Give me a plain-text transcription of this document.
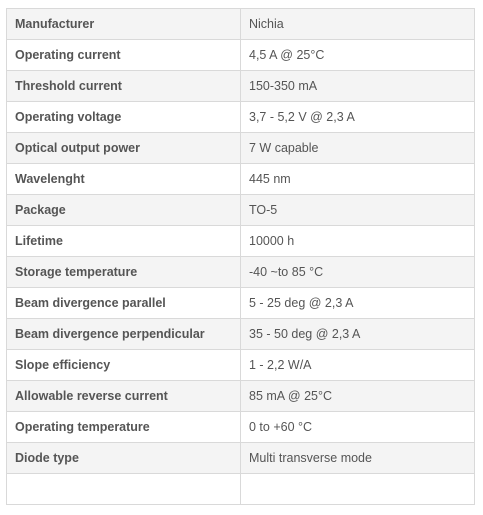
Manufacturer	Nichia
Operating current	4,5 A @ 25°C
Threshold current	150-350 mA
Operating voltage	3,7 - 5,2 V @ 2,3 A
Optical output power	7 W capable
Wavelenght	445 nm
Package	TO-5
Lifetime	10000 h
Storage temperature	-40 ~to 85 °C
Beam divergence parallel	5 - 25 deg @ 2,3 A
Beam divergence perpendicular	35 - 50 deg @ 2,3 A
Slope efficiency	1 - 2,2 W/A
Allowable reverse current	85 mA @ 25°C
Operating temperature	0 to +60 °C
Diode type	Multi transverse mode
